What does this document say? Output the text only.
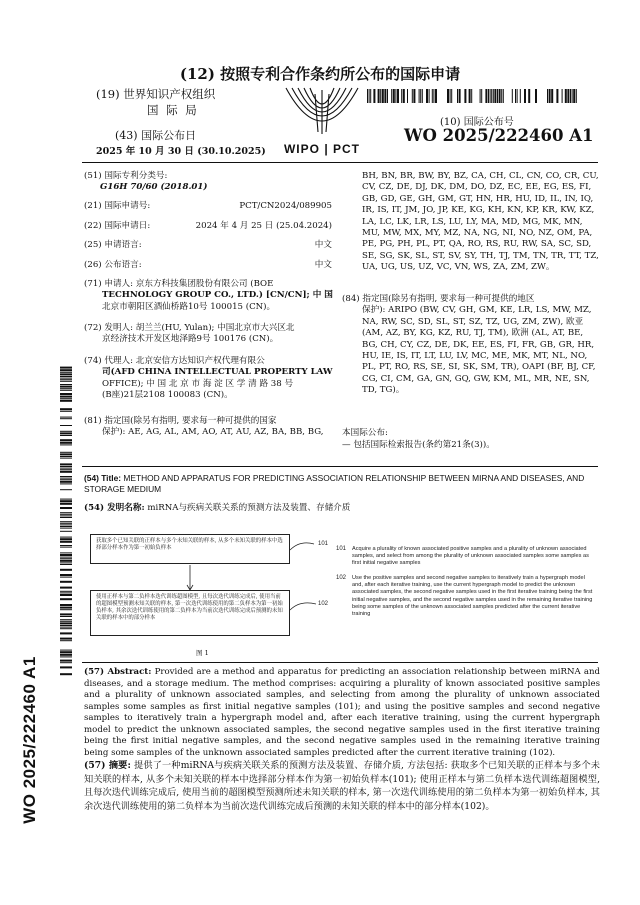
(12) 按照专利合作条约所公布的国际申请
(19) 世界知识产权组织
国 际 局
(43) 国际公布日
2025 年 10 月 30 日 (30.10.2025)	WIPO | PCT
(10) 国际公布号
WO 2025/222460 A1
WO 2025/222460 A1
(51) 国际专利分类号:
G16H 70/60 (2018.01)
(21) 国际申请号:	PCT/CN2024/089905
(22) 国际申请日:	2024 年 4 月 25 日 (25.04.2024)
(25) 申请语言:	中文
(26) 公布语言:	中文

(71) 申请人: 京东方科技集团股份有限公司 (BOE

TECHNOLOGY GROUP CO., LTD.) [CN/CN]; 中 国

北京市朝阳区酒仙桥路10号 100015 (CN)。

(72) 发明人: 胡兰兰(HU, Yulan); 中国北京市大兴区北

京经济技术开发区地泽路9号 100176 (CN)。

(74) 代理人: 北京安信方达知识产权代理有限公

司(AFD CHINA INTELLECTUAL PROPERTY LAW

OFFICE); 中 国 北 京 市 海 淀 区 学 清 路 38 号

(B座)21层2108 100083 (CN)。

(81) 指定国(除另有指明, 要求每一种可提供的国家

保护): AE, AG, AL, AM, AO, AT, AU, AZ, BA, BB, BG,

BH, BN, BR, BW, BY, BZ, CA, CH, CL, CN, CO, CR, CU,

CV, CZ, DE, DJ, DK, DM, DO, DZ, EC, EE, EG, ES, FI,

GB, GD, GE, GH, GM, GT, HN, HR, HU, ID, IL, IN, IQ,

IR, IS, IT, JM, JO, JP, KE, KG, KH, KN, KP, KR, KW, KZ,

LA, LC, LK, LR, LS, LU, LY, MA, MD, MG, MK, MN,

MU, MW, MX, MY, MZ, NA, NG, NI, NO, NZ, OM, PA,

PE, PG, PH, PL, PT, QA, RO, RS, RU, RW, SA, SC, SD,

SE, SG, SK, SL, ST, SV, SY, TH, TJ, TM, TN, TR, TT, TZ,

UA, UG, US, UZ, VC, VN, WS, ZA, ZM, ZW。

(84) 指定国(除另有指明, 要求每一种可提供的地区

保护): ARIPO (BW, CV, GH, GM, KE, LR, LS, MW, MZ,

NA, RW, SC, SD, SL, ST, SZ, TZ, UG, ZM, ZW), 欧亚

(AM, AZ, BY, KG, KZ, RU, TJ, TM), 欧洲 (AL, AT, BE,

BG, CH, CY, CZ, DE, DK, EE, ES, FI, FR, GB, GR, HR,

HU, IE, IS, IT, LT, LU, LV, MC, ME, MK, MT, NL, NO,

PL, PT, RO, RS, SE, SI, SK, SM, TR), OAPI (BF, BJ, CF,

CG, CI, CM, GA, GN, GQ, GW, KM, ML, MR, NE, SN,

TD, TG)。

本国际公布:
— 包括国际检索报告(条约第21条(3))。
(54) Title: METHOD AND APPARATUS FOR PREDICTING ASSOCIATION RELATIONSHIP BETWEEN MIRNA AND DISEASES, AND STORAGE MEDIUM
(54) 发明名称: miRNA与疾病关联关系的预测方法及装置、存储介质
获取多个已知关联的正样本与多个未知关联的样本, 从多个未知关联的样本中选择部分样本作为第一初始负样本
使用正样本与第二负样本迭代训练超图模型, 且每次迭代训练完成后, 使用当前的超图模型预测未知关联的样本, 第一次迭代训练使用的第二负样本为第一初始负样本, 其余次迭代训练使用的第二负样本为当前次迭代训练完成后预测的未知关联的样本中的部分样本
101
102
图 1
101 Acquire a plurality of known associated positive samples and a plurality of unknown associated samples, and select from among the plurality of unknown associated samples some samples as first initial negative samples
102 Use the positive samples and second negative samples to iteratively train a hypergraph model and, after each iterative training, use the current hypergraph model to predict the unknown associated samples, the second negative samples used in the first iterative training being the first initial negative samples, and the second negative samples used in the remaining iterative training being some samples of the unknown associated samples predicted after the current iterative training
(57) Abstract: Provided are a method and apparatus for predicting an association relationship between miRNA and diseases, and a storage medium. The method comprises: acquiring a plurality of known associated positive samples and a plurality of unknown associated samples, and selecting from among the plurality of unknown associated samples some samples as first initial negative samples (101); and using the positive samples and second negative samples to iteratively train a hypergraph model and, after each iterative training, using the current hypergraph model to predict the unknown associated samples, the second negative samples used in the first iterative training being the first initial negative samples, and the second negative samples used in the remaining iterative training being some samples of the unknown associated samples predicted after the current iterative training (102).
(57) 摘要: 提供了一种miRNA与疾病关联关系的预测方法及装置、存储介质, 方法包括: 获取多个已知关联的正样本与多个未知关联的样本, 从多个未知关联的样本中选择部分样本作为第一初始负样本(101); 使用正样本与第二负样本迭代训练超图模型, 且每次迭代训练完成后, 使用当前的超图模型预测所述未知关联的样本, 第一次迭代训练使用的第二负样本为第一初始负样本, 其余次迭代训练使用的第二负样本为当前次迭代训练完成后预测的未知关联的样本中的部分样本(102)。
